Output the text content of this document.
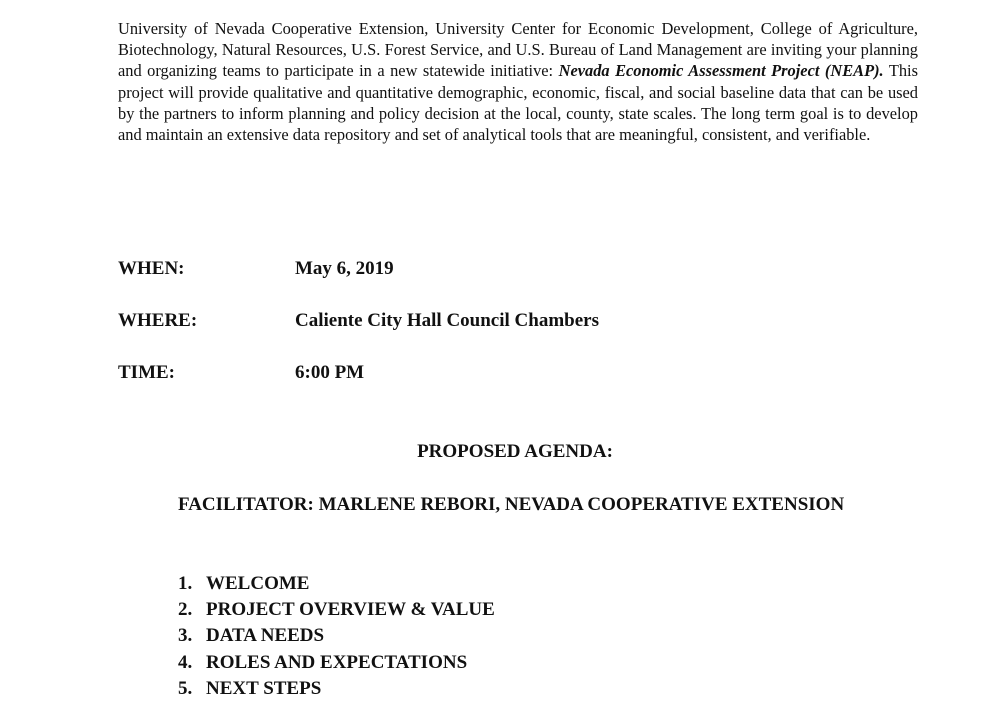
University of Nevada Cooperative Extension, University Center for Economic Development, College of Agriculture, Biotechnology, Natural Resources, U.S. Forest Service, and U.S. Bureau of Land Management are inviting your planning and organizing teams to participate in a new statewide initiative: Nevada Economic Assessment Project (NEAP). This project will provide qualitative and quantitative demographic, economic, fiscal, and social baseline data that can be used by the partners to inform planning and policy decision at the local, county, state scales. The long term goal is to develop and maintain an extensive data repository and set of analytical tools that are meaningful, consistent, and verifiable.

WHEN:	May 6, 2019
WHERE:	Caliente City Hall Council Chambers
TIME:	6:00 PM
PROPOSED AGENDA:

FACILITATOR: MARLENE REBORI, NEVADA COOPERATIVE EXTENSION

1. WELCOME
2. PROJECT OVERVIEW & VALUE
3. DATA NEEDS
4. ROLES AND EXPECTATIONS
5. NEXT STEPS
